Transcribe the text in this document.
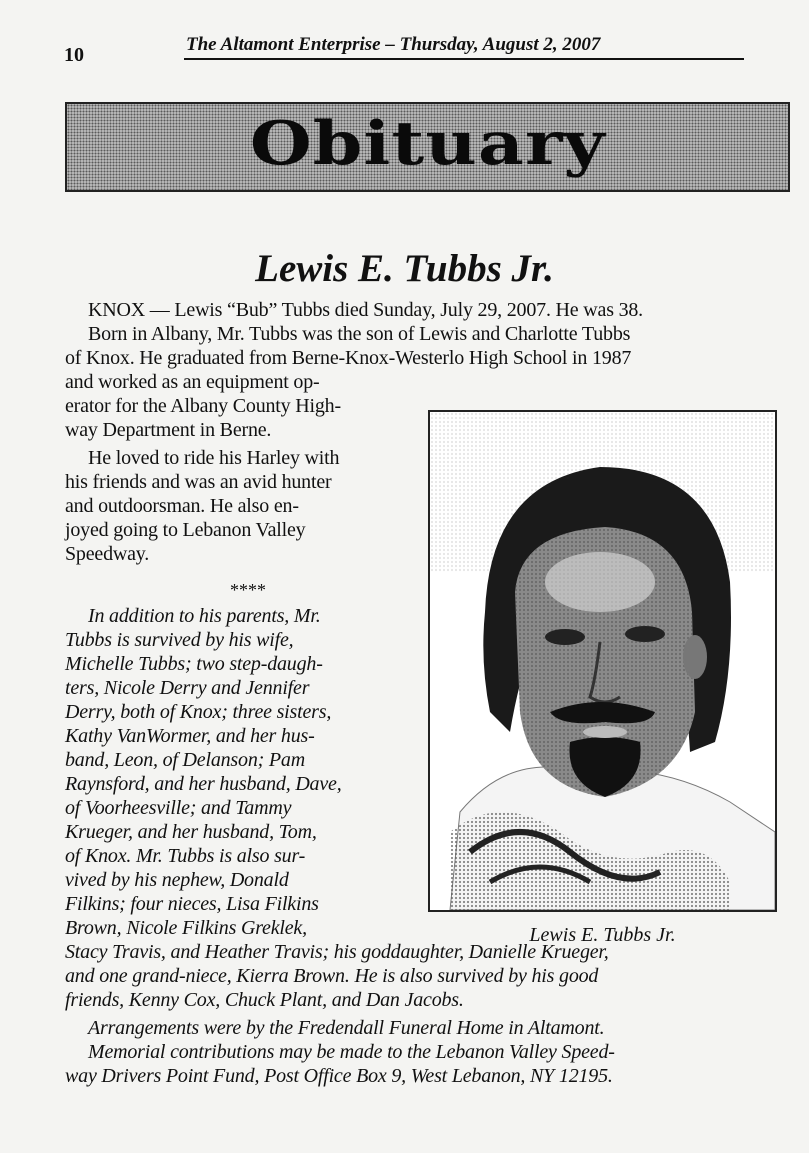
10	The Altamont Enterprise – Thursday, August 2, 2007
Obituary
Lewis E. Tubbs Jr.
KNOX — Lewis “Bub” Tubbs died Sunday, July 29, 2007. He was 38.
Born in Albany, Mr. Tubbs was the son of Lewis and Charlotte Tubbs
of Knox. He graduated from Berne-Knox-Westerlo High School in 1987
and worked as an equipment op-
erator for the Albany County High-
way Department in Berne.
He loved to ride his Harley with
his friends and was an avid hunter
and outdoorsman. He also en-
joyed going to Lebanon Valley
Speedway.
****
In addition to his parents, Mr.
Tubbs is survived by his wife,
Michelle Tubbs; two step-daugh-
ters, Nicole Derry and Jennifer
Derry, both of Knox; three sisters,
Kathy VanWormer, and her hus-
band, Leon, of Delanson; Pam
Raynsford, and her husband, Dave,
of Voorheesville; and Tammy
Krueger, and her husband, Tom,
of Knox. Mr. Tubbs is also sur-
vived by his nephew, Donald
Filkins; four nieces, Lisa Filkins
Brown, Nicole Filkins Greklek,
Stacy Travis, and Heather Travis; his goddaughter, Danielle Krueger,
and one grand-niece, Kierra Brown. He is also survived by his good
friends, Kenny Cox, Chuck Plant, and Dan Jacobs.
Arrangements were by the Fredendall Funeral Home in Altamont.
Memorial contributions may be made to the Lebanon Valley Speed-
way Drivers Point Fund, Post Office Box 9, West Lebanon, NY 12195.
Lewis E. Tubbs Jr.
